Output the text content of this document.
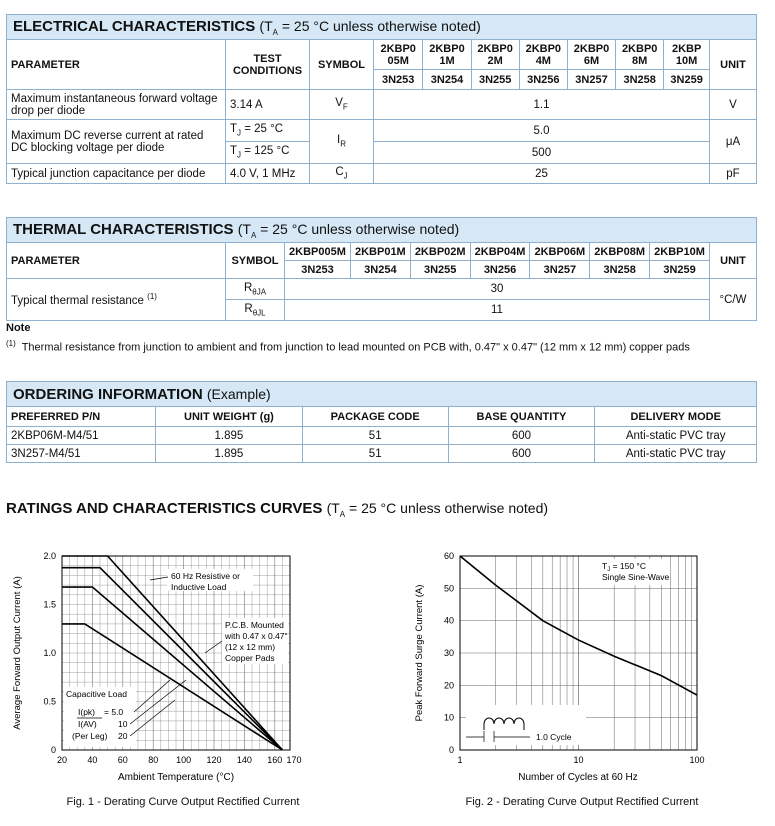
ELECTRICAL CHARACTERISTICS ($T_A = 25$ °C unless otherwise noted)										
PARAMETER	TEST CONDITIONS	SYMBOL	2KBP0 05M	2KBP0 1M	2KBP0 2M	2KBP0 4M	2KBP0 6M	2KBP0 8M	2KBP 10M	UNIT
			3N253	3N254	3N255	3N256	3N257	3N258	3N259	
Maximum instantaneous forward voltage drop per diode	3.14 A	$V_F$	1.1							V
Maximum DC reverse current at rated DC blocking voltage per diode	$T_J = 25$ °C	$I_R$	5.0							μA
	$T_J = 125$ °C		500							
Typical junction capacitance per diode	4.0 V, 1 MHz	$C_J$	25							pF
THERMAL CHARACTERISTICS ($T_A = 25$ °C unless otherwise noted)									
PARAMETER	SYMBOL	2KBP005M	2KBP01M	2KBP02M	2KBP04M	2KBP06M	2KBP08M	2KBP10M	UNIT
		3N253	3N254	3N255	3N256	3N257	3N258	3N259	
Typical thermal resistance $^{(1)}$	$R_{\theta JA}$	30							°C/W
	$R_{\theta JL}$	11							
Note
$^{(1)}$ Thermal resistance from junction to ambient and from junction to lead mounted on PCB with, 0.47" x 0.47" (12 mm x 12 mm) copper pads
ORDERING INFORMATION (Example)				
PREFERRED P/N	UNIT WEIGHT (g)	PACKAGE CODE	BASE QUANTITY	DELIVERY MODE
2KBP06M-M4/51	1.895	51	600	Anti-static PVC tray
3N257-M4/51	1.895	51	600	Anti-static PVC tray
RATINGS AND CHARACTERISTICS CURVES ($T_A = 25$ °C unless otherwise noted)
0
0.5
1.0
1.5
2.0
20 40 60 80 100 120 140 160 170
Average Forward Output Current (A)
Ambient Temperature (°C)
60 Hz Resistive or Inductive Load
P.C.B. Mounted with 0.47 x 0.47" (12 x 12 mm) Copper Pads
Capacitive Load
I(pk)
I(AV)
(Per Leg)
= 5.0
10
20
Fig. 1 - Derating Curve Output Rectified Current
0
10
20
30
40
50
60
1	10	100
Peak Forward Surge Current (A)
Number of Cycles at 60 Hz
$T_J = 150$ °C
Single Sine-Wave
1.0 Cycle
Fig. 2 - Derating Curve Output Rectified Current
